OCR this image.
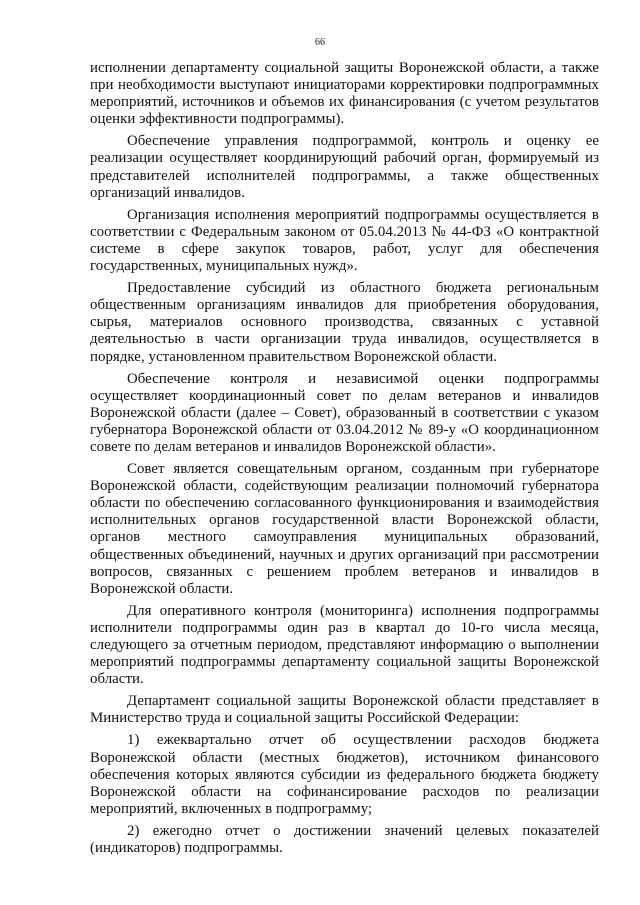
66

исполнении департаменту социальной защиты Воронежской области, а также при необходимости выступают инициаторами корректировки подпрограммных мероприятий, источников и объемов их финансирования (с учетом результатов оценки эффективности подпрограммы).

Обеспечение управления подпрограммой, контроль и оценку ее реализации осуществляет координирующий рабочий орган, формируемый из представителей исполнителей подпрограммы, а также общественных организаций инвалидов.

Организация исполнения мероприятий подпрограммы осуществляется в соответствии с Федеральным законом от 05.04.2013 № 44-ФЗ «О контрактной системе в сфере закупок товаров, работ, услуг для обеспечения государственных, муниципальных нужд».

Предоставление субсидий из областного бюджета региональным общественным организациям инвалидов для приобретения оборудования, сырья, материалов основного производства, связанных с уставной деятельностью в части организации труда инвалидов, осуществляется в порядке, установленном правительством Воронежской области.

Обеспечение контроля и независимой оценки подпрограммы осуществляет координационный совет по делам ветеранов и инвалидов Воронежской области (далее – Совет), образованный в соответствии с указом губернатора Воронежской области от 03.04.2012 № 89-у «О координационном совете по делам ветеранов и инвалидов Воронежской области».

Совет является совещательным органом, созданным при губернаторе Воронежской области, содействующим реализации полномочий губернатора области по обеспечению согласованного функционирования и взаимодействия исполнительных органов государственной власти Воронежской области, органов местного самоуправления муниципальных образований, общественных объединений, научных и других организаций при рассмотрении вопросов, связанных с решением проблем ветеранов и инвалидов в Воронежской области.

Для оперативного контроля (мониторинга) исполнения подпрограммы исполнители подпрограммы один раз в квартал до 10-го числа месяца, следующего за отчетным периодом, представляют информацию о выполнении мероприятий подпрограммы департаменту социальной защиты Воронежской области.

Департамент социальной защиты Воронежской области представляет в Министерство труда и социальной защиты Российской Федерации:

1) ежеквартально отчет об осуществлении расходов бюджета Воронежской области (местных бюджетов), источником финансового обеспечения которых являются субсидии из федерального бюджета бюджету Воронежской области на софинансирование расходов по реализации мероприятий, включенных в подпрограмму;

2) ежегодно отчет о достижении значений целевых показателей (индикаторов) подпрограммы.
